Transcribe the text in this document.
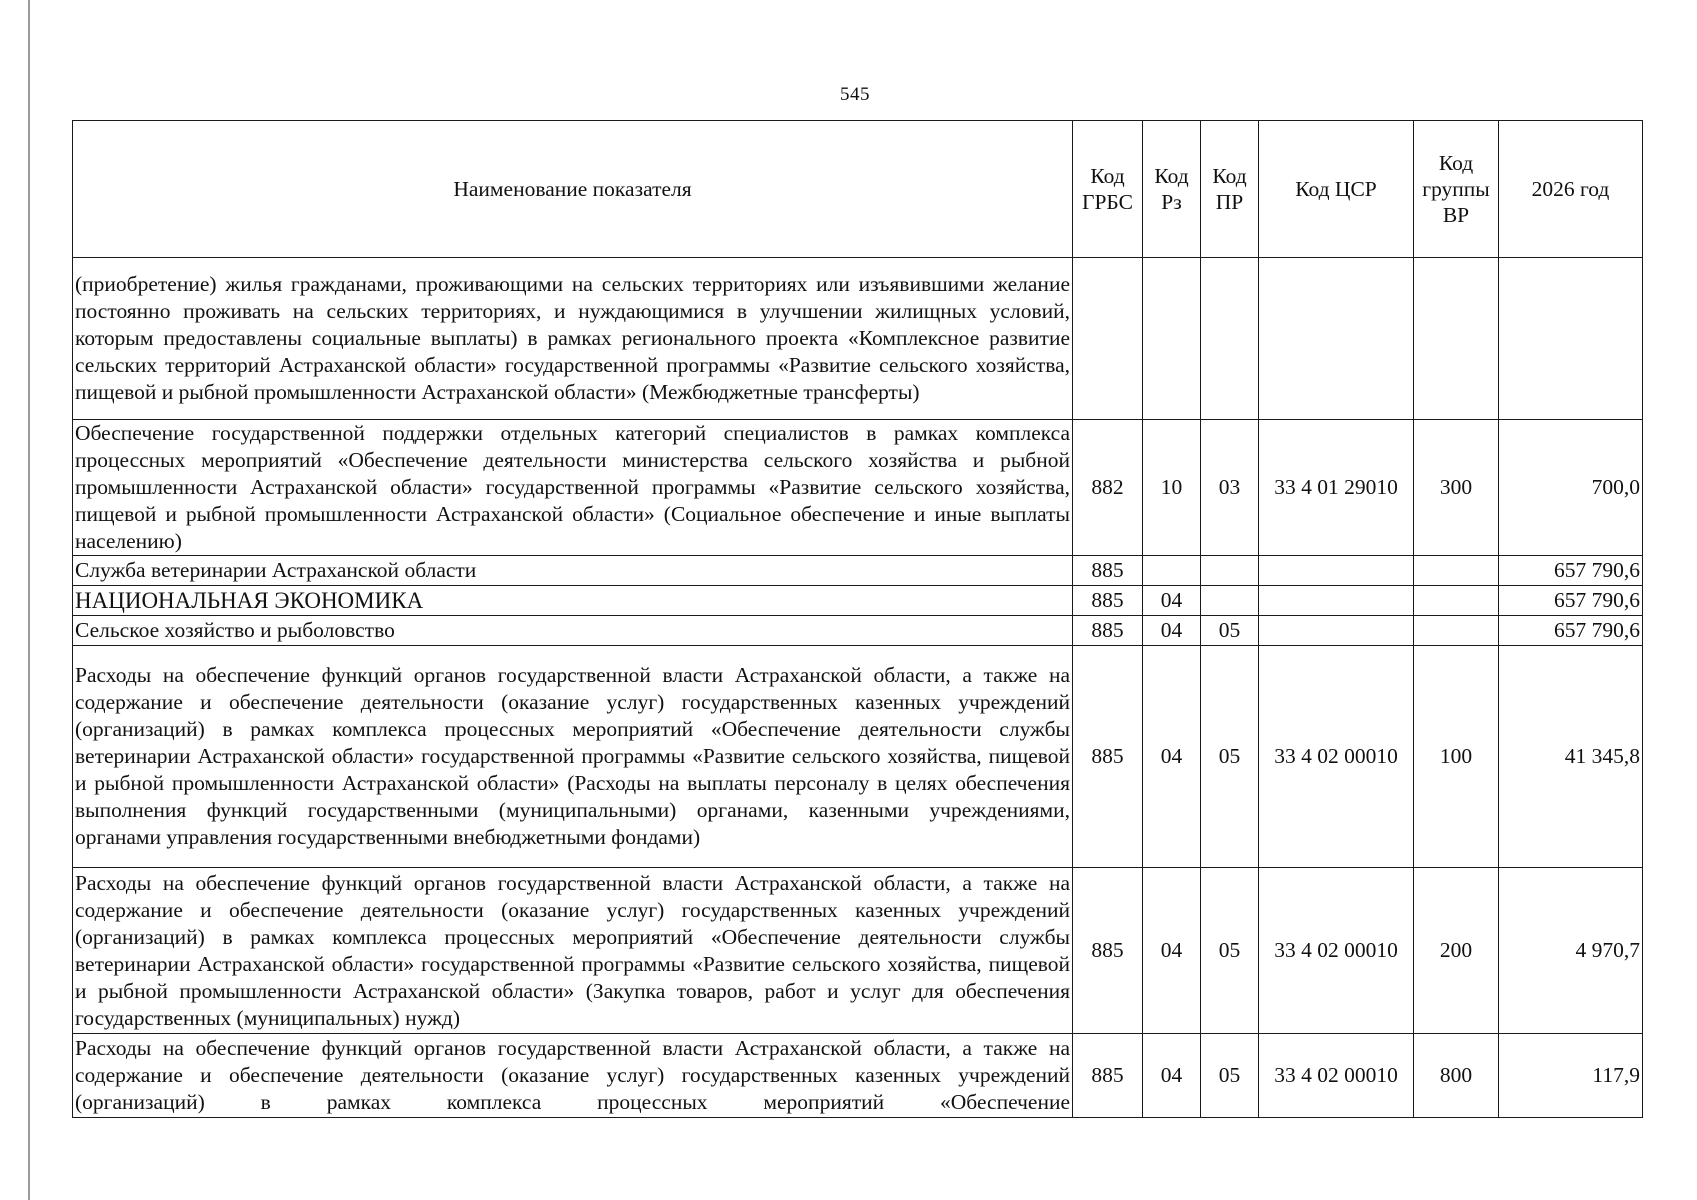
545
Наименование показателя	Код ГРБС	Код Рз	Код ПР	Код ЦСР	Код группы ВР	2026 год
(приобретение) жилья гражданами, проживающими на сельских территориях или изъявившими желание постоянно проживать на сельских территориях, и нуждающимися в улучшении жилищных условий, которым предоставлены социальные выплаты) в рамках регионального проекта «Комплексное развитие сельских территорий Астраханской области» государственной программы «Развитие сельского хозяйства, пищевой и рыбной промышленности Астраханской области» (Межбюджетные трансферты)						
Обеспечение государственной поддержки отдельных категорий специалистов в рамках комплекса процессных мероприятий «Обеспечение деятельности министерства сельского хозяйства и рыбной промышленности Астраханской области» государственной программы «Развитие сельского хозяйства, пищевой и рыбной промышленности Астраханской области» (Социальное обеспечение и иные выплаты населению)	882	10	03	33 4 01 29010	300	700,0
Служба ветеринарии Астраханской области	885					657 790,6
НАЦИОНАЛЬНАЯ ЭКОНОМИКА	885	04				657 790,6
Сельское хозяйство и рыболовство	885	04	05			657 790,6
Расходы на обеспечение функций органов государственной власти Астраханской области, а также на содержание и обеспечение деятельности (оказание услуг) государственных казенных учреждений (организаций) в рамках комплекса процессных мероприятий «Обеспечение деятельности службы ветеринарии Астраханской области» государственной программы «Развитие сельского хозяйства, пищевой и рыбной промышленности Астраханской области» (Расходы на выплаты персоналу в целях обеспечения выполнения функций государственными (муниципальными) органами, казенными учреждениями, органами управления государственными внебюджетными фондами)	885	04	05	33 4 02 00010	100	41 345,8
Расходы на обеспечение функций органов государственной власти Астраханской области, а также на содержание и обеспечение деятельности (оказание услуг) государственных казенных учреждений (организаций) в рамках комплекса процессных мероприятий «Обеспечение деятельности службы ветеринарии Астраханской области» государственной программы «Развитие сельского хозяйства, пищевой и рыбной промышленности Астраханской области» (Закупка товаров, работ и услуг для обеспечения государственных (муниципальных) нужд)	885	04	05	33 4 02 00010	200	4 970,7
Расходы на обеспечение функций органов государственной власти Астраханской области, а также на содержание и обеспечение деятельности (оказание услуг) государственных казенных учреждений (организаций) в рамках комплекса процессных мероприятий «Обеспечение	885	04	05	33 4 02 00010	800	117,9
